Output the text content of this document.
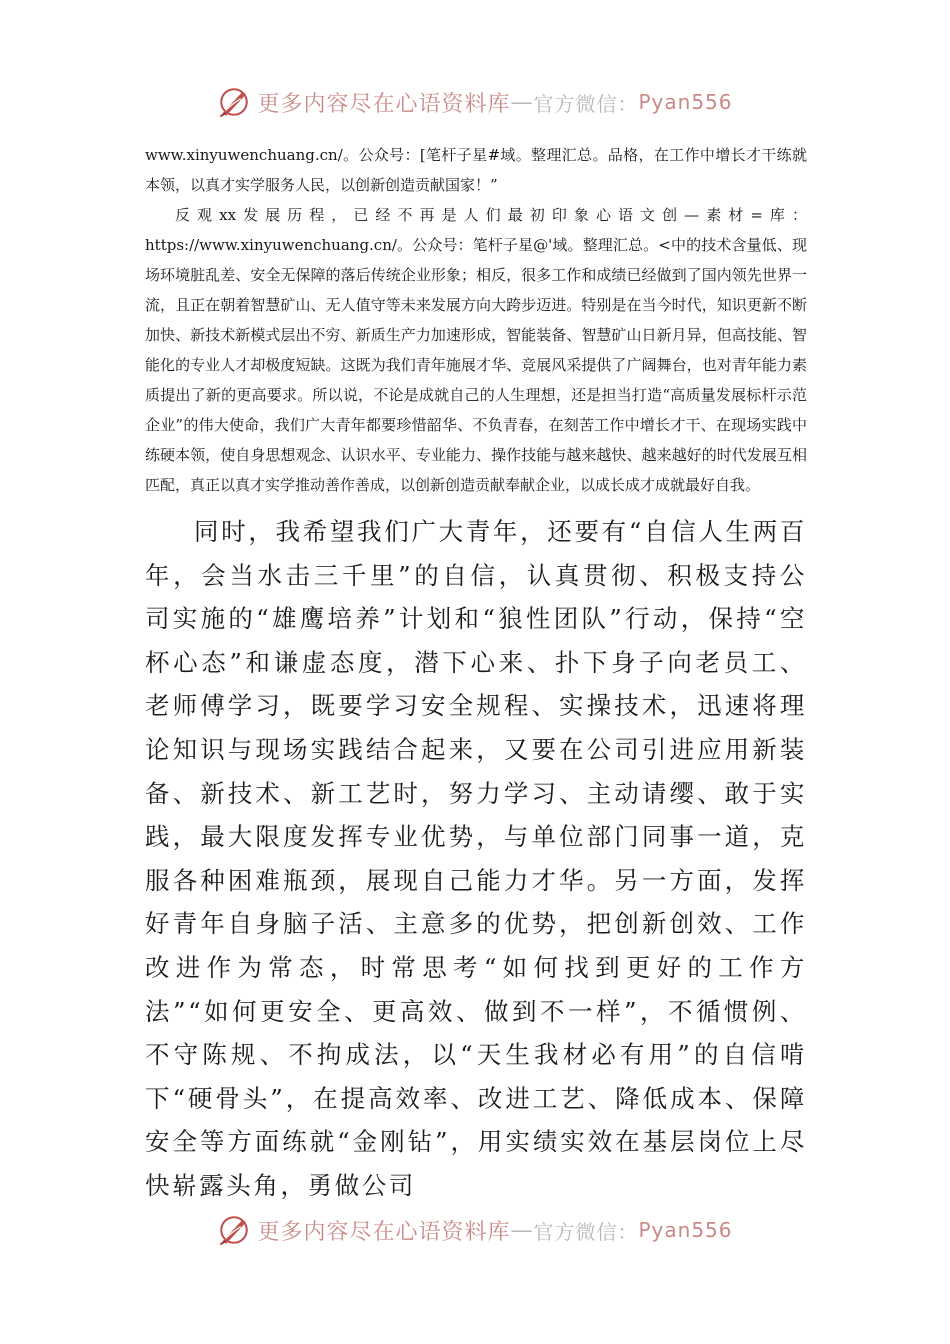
更多内容尽在心语资料库 — 官方微信： Pyan556

www.xinyuwenchuang.cn/。公众号：[笔杆子星#域。整理汇总。品格，在工作中增长才干练就本领，以真才实学服务人民，以创新创造贡献国家！”

反观xx发展历程，已经不再是人们最初印象心语文创—素材=库：https://www.xinyuwenchuang.cn/。公众号：笔杆子星@'域。整理汇总。<中的技术含量低、现场环境脏乱差、安全无保障的落后传统企业形象；相反，很多工作和成绩已经做到了国内领先世界一流，且正在朝着智慧矿山、无人值守等未来发展方向大跨步迈进。特别是在当今时代，知识更新不断加快、新技术新模式层出不穷、新质生产力加速形成，智能装备、智慧矿山日新月异，但高技能、智能化的专业人才却极度短缺。这既为我们青年施展才华、竞展风采提供了广阔舞台，也对青年能力素质提出了新的更高要求。所以说，不论是成就自己的人生理想，还是担当打造“高质量发展标杆示范企业”的伟大使命，我们广大青年都要珍惜韶华、不负青春，在刻苦工作中增长才干、在现场实践中练硬本领，使自身思想观念、认识水平、专业能力、操作技能与越来越快、越来越好的时代发展互相匹配，真正以真才实学推动善作善成，以创新创造贡献奉献企业，以成长成才成就最好自我。

同时，我希望我们广大青年，还要有“自信人生两百年，会当水击三千里”的自信，认真贯彻、积极支持公司实施的“雄鹰培养”计划和“狼性团队”行动，保持“空杯心态”和谦虚态度，潜下心来、扑下身子向老员工、老师傅学习，既要学习安全规程、实操技术，迅速将理论知识与现场实践结合起来，又要在公司引进应用新装备、新技术、新工艺时，努力学习、主动请缨、敢于实践，最大限度发挥专业优势，与单位部门同事一道，克服各种困难瓶颈，展现自己能力才华。另一方面，发挥好青年自身脑子活、主意多的优势，把创新创效、工作改进作为常态，时常思考“如何找到更好的工作方法”“如何更安全、更高效、做到不一样”，不循惯例、不守陈规、不拘成法，以“天生我材必有用”的自信啃下“硬骨头”，在提高效率、改进工艺、降低成本、保障安全等方面练就“金刚钻”，用实绩实效在基层岗位上尽快崭露头角，勇做公司

更多内容尽在心语资料库 — 官方微信： Pyan556
